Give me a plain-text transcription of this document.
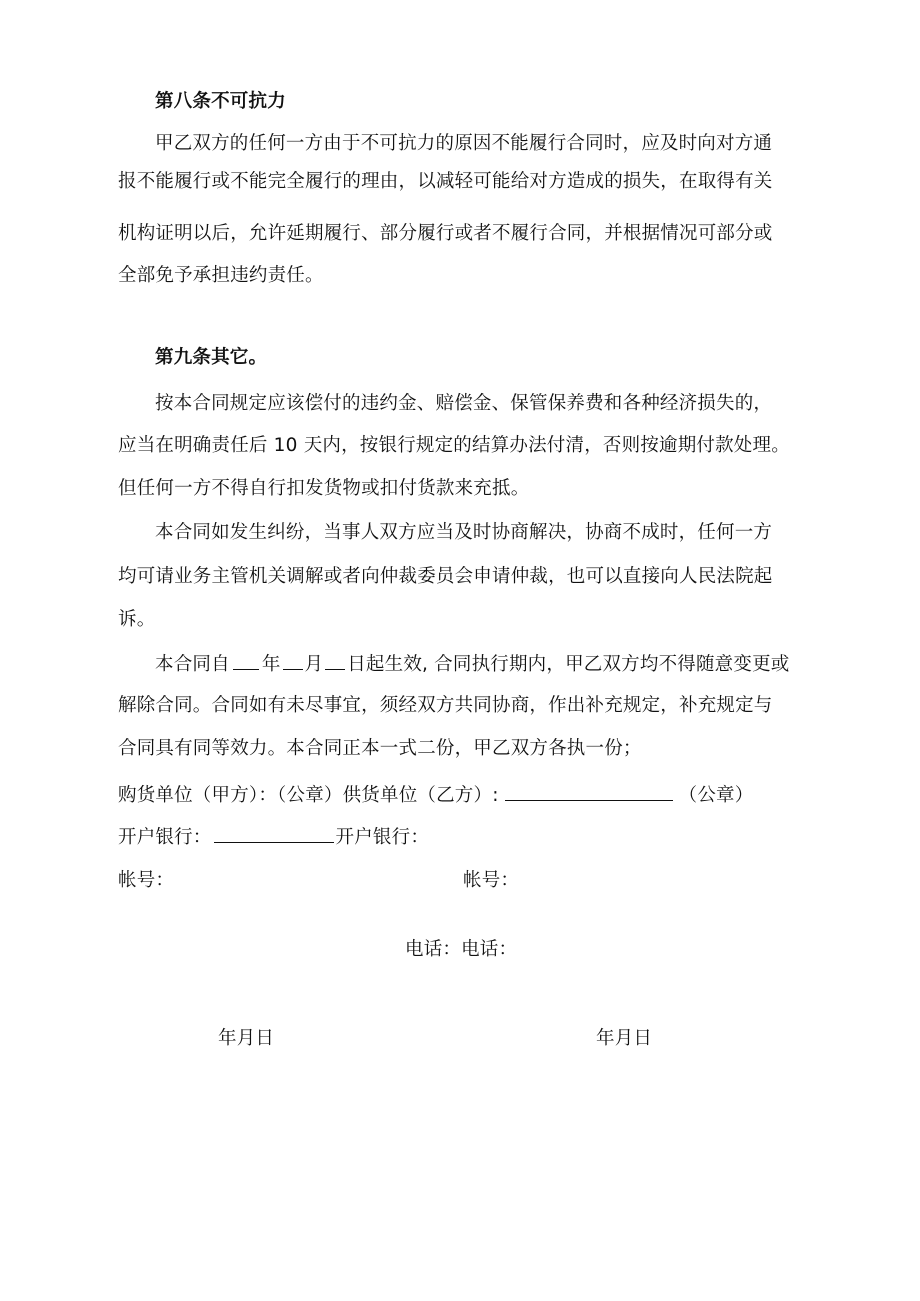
第八条不可抗力
甲乙双方的任何一方由于不可抗力的原因不能履行合同时，应及时向对方通
报不能履行或不能完全履行的理由，以减轻可能给对方造成的损失，在取得有关
机构证明以后，允许延期履行、部分履行或者不履行合同，并根据情况可部分或
全部免予承担违约责任。
第九条其它。
按本合同规定应该偿付的违约金、赔偿金、保管保养费和各种经济损失的，
应当在明确责任后 10 天内，按银行规定的结算办法付清，否则按逾期付款处理。
但任何一方不得自行扣发货物或扣付货款来充抵。
本合同如发生纠纷，当事人双方应当及时协商解决，协商不成时，任何一方
均可请业务主管机关调解或者向仲裁委员会申请仲裁，也可以直接向人民法院起
诉。
本合同自 年 月 日起生效, 合同执行期内，甲乙双方均不得随意变更或
解除合同。合同如有未尽事宜，须经双方共同协商，作出补充规定，补充规定与
合同具有同等效力。本合同正本一式二份，甲乙双方各执一份；
购货单位（甲方）：（公章）供货单位（乙方）:	（公章）
开户银行：	开户银行：
帐号：	帐号：
电话：电话：
年月日	年月日
